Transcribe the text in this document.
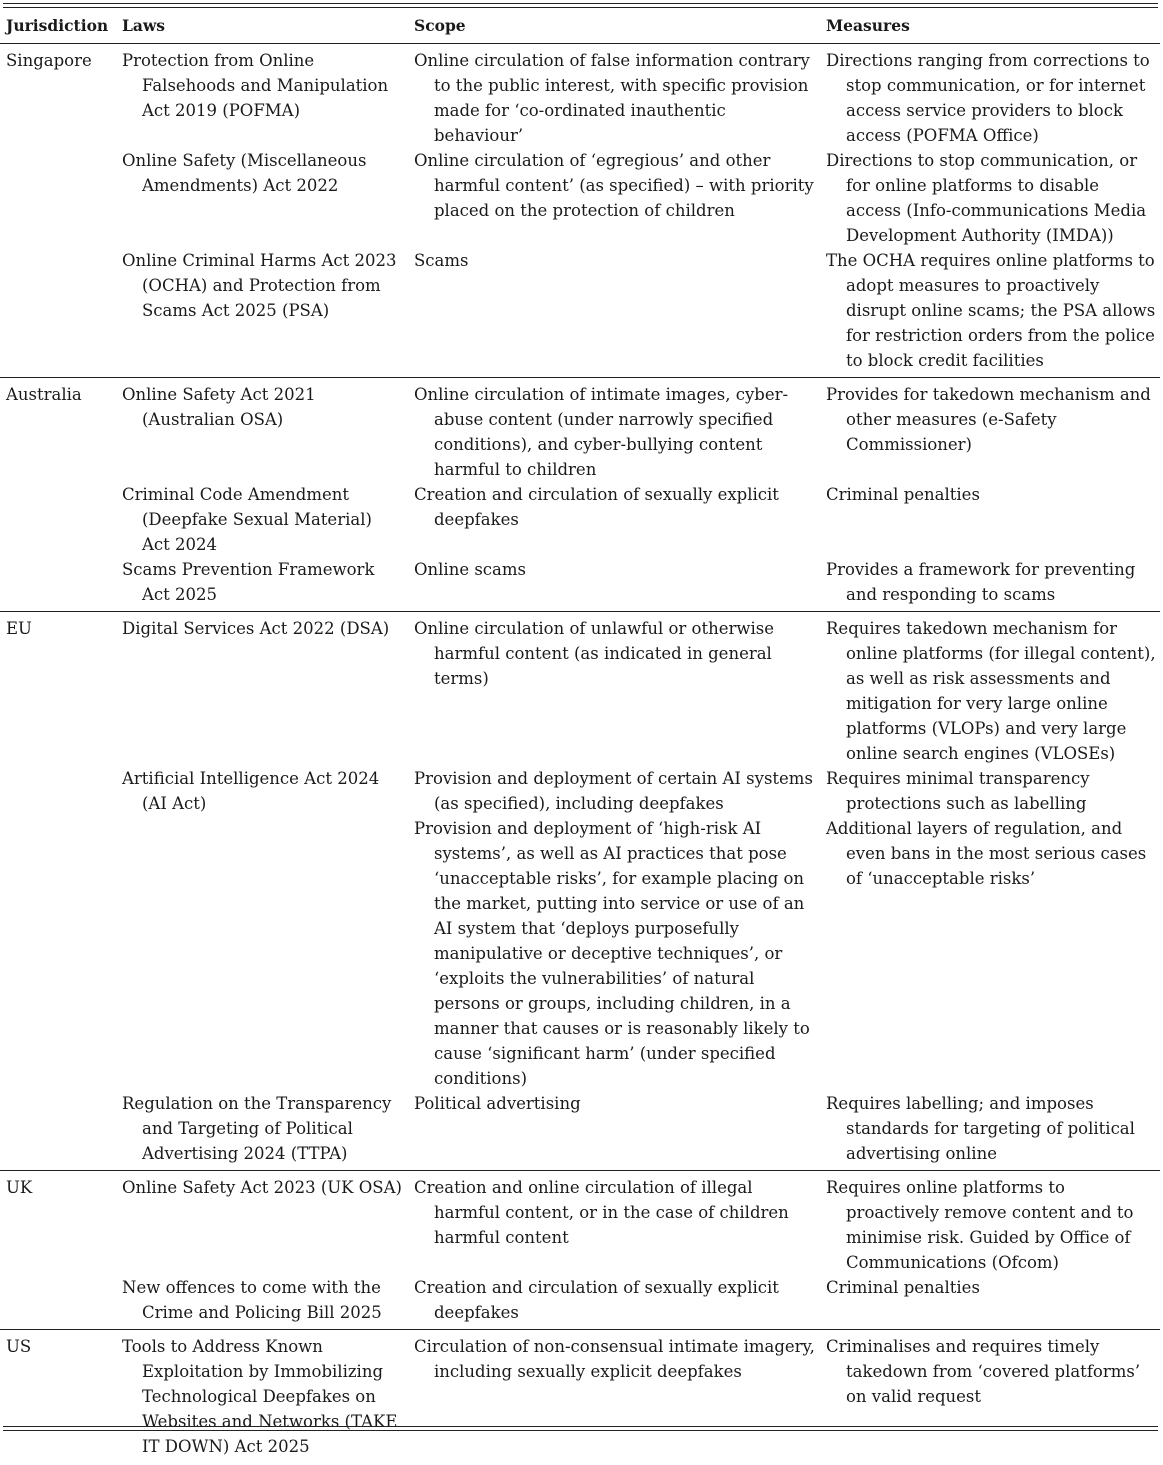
Jurisdiction	Laws	Scope	Measures
Singapore	Protection from Online Falsehoods and Manipulation Act 2019 (POFMA)	Online circulation of false information contrary to the public interest, with specific provision made for ‘co-ordinated inauthentic behaviour’	Directions ranging from corrections to stop communication, or for internet access service providers to block access (POFMA Office)
	Online Safety (Miscellaneous Amendments) Act 2022	Online circulation of ‘egregious’ and other harmful content’ (as specified) – with priority placed on the protection of children	Directions to stop communication, or for online platforms to disable access (Info-communications Media Development Authority (IMDA))
	Online Criminal Harms Act 2023 (OCHA) and Protection from Scams Act 2025 (PSA)	Scams	The OCHA requires online platforms to adopt measures to proactively disrupt online scams; the PSA allows for restriction orders from the police to block credit facilities
Australia	Online Safety Act 2021 (Australian OSA)	Online circulation of intimate images, cyber-abuse content (under narrowly specified conditions), and cyber-bullying content harmful to children	Provides for takedown mechanism and other measures (e-Safety Commissioner)
	Criminal Code Amendment (Deepfake Sexual Material) Act 2024	Creation and circulation of sexually explicit deepfakes	Criminal penalties
	Scams Prevention Framework Act 2025	Online scams	Provides a framework for preventing and responding to scams
EU	Digital Services Act 2022 (DSA)	Online circulation of unlawful or otherwise harmful content (as indicated in general terms)	Requires takedown mechanism for online platforms (for illegal content), as well as risk assessments and mitigation for very large online platforms (VLOPs) and very large online search engines (VLOSEs)
	Artificial Intelligence Act 2024 (AI Act)	Provision and deployment of certain AI systems (as specified), including deepfakes	Requires minimal transparency protections such as labelling
		Provision and deployment of ‘high-risk AI systems’, as well as AI practices that pose ‘unacceptable risks’, for example placing on the market, putting into service or use of an AI system that ‘deploys purposefully manipulative or deceptive techniques’, or ‘exploits the vulnerabilities’ of natural persons or groups, including children, in a manner that causes or is reasonably likely to cause ‘significant harm’ (under specified conditions)	Additional layers of regulation, and even bans in the most serious cases of ‘unacceptable risks’
	Regulation on the Transparency and Targeting of Political Advertising 2024 (TTPA)	Political advertising	Requires labelling; and imposes standards for targeting of political advertising online
UK	Online Safety Act 2023 (UK OSA)	Creation and online circulation of illegal harmful content, or in the case of children harmful content	Requires online platforms to proactively remove content and to minimise risk. Guided by Office of Communications (Ofcom)
	New offences to come with the Crime and Policing Bill 2025	Creation and circulation of sexually explicit deepfakes	Criminal penalties
US	Tools to Address Known Exploitation by Immobilizing Technological Deepfakes on Websites and Networks (TAKE IT DOWN) Act 2025	Circulation of non-consensual intimate imagery, including sexually explicit deepfakes	Criminalises and requires timely takedown from ‘covered platforms’ on valid request
